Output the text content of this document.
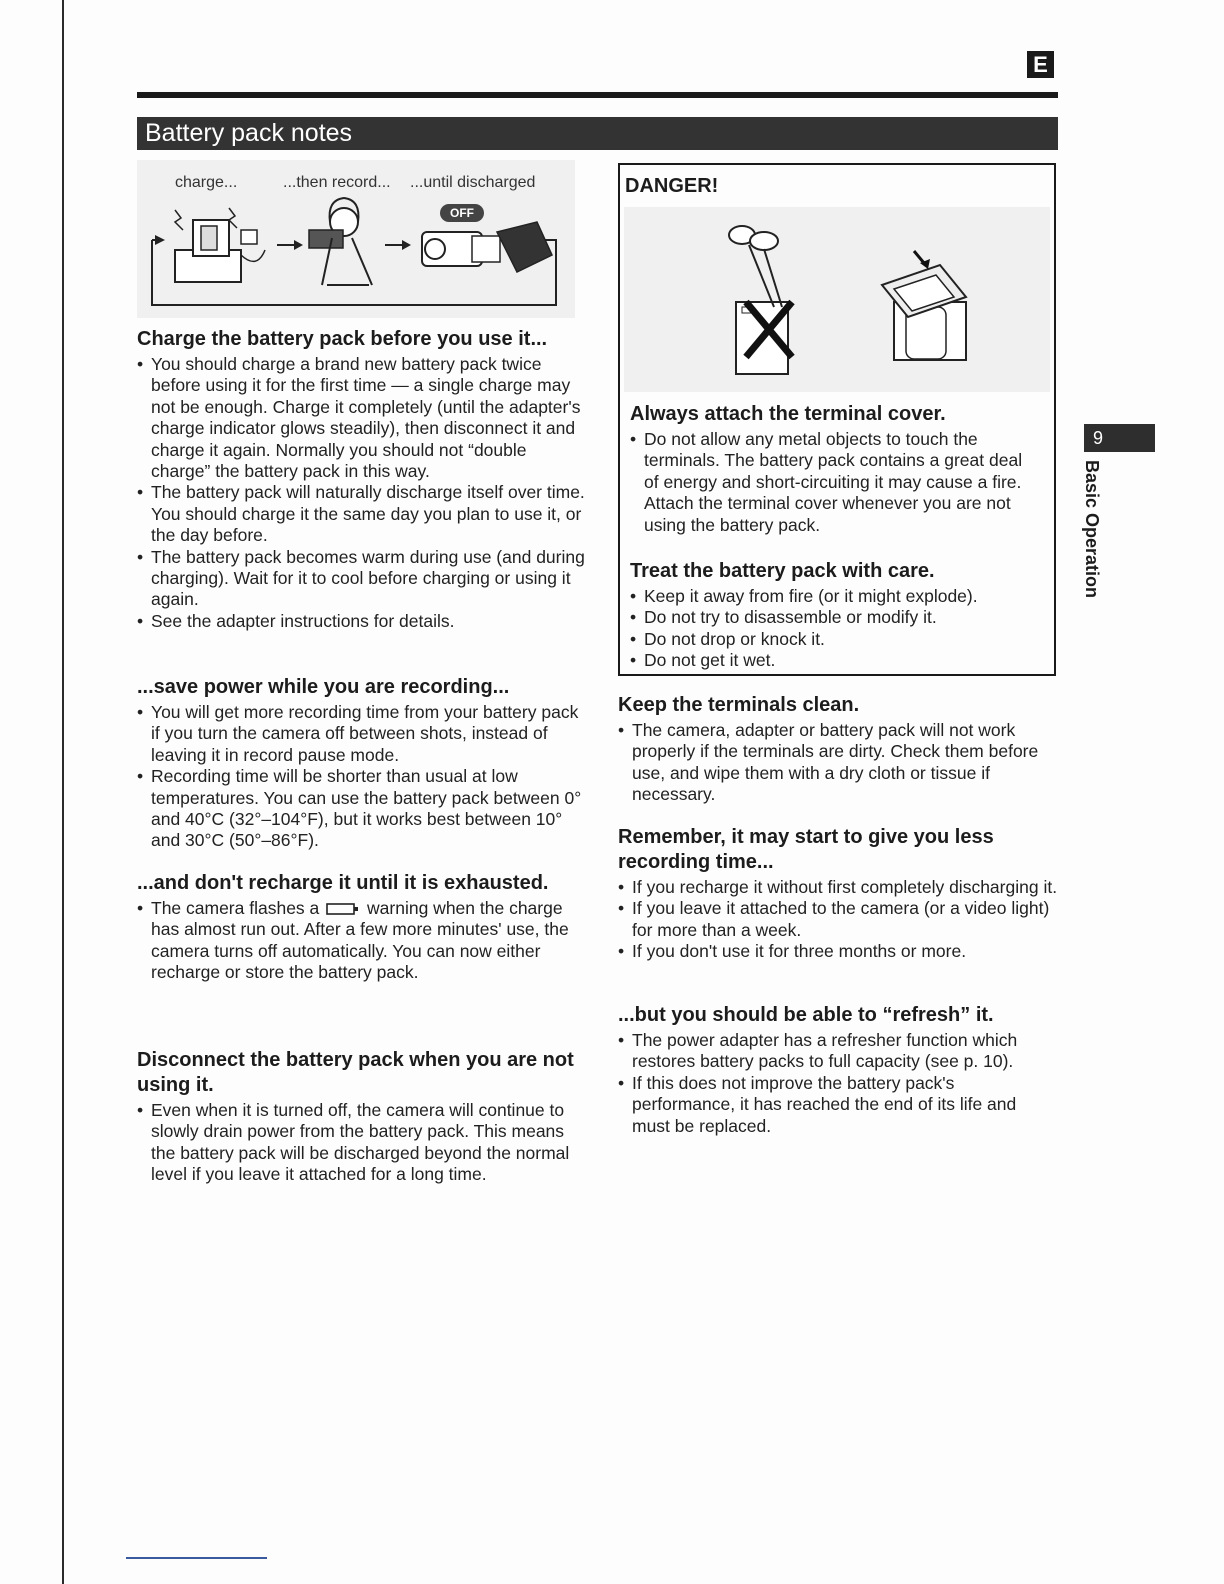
E
Battery pack notes
charge...	...then record... ...until discharged
OFF
Charge the battery pack before you use it...
• You should charge a brand new battery pack twice before using it for the first time — a single charge may not be enough. Charge it completely (until the adapter's charge indicator glows steadily), then disconnect it and charge it again. Normally you should not “double charge” the battery pack in this way.
• The battery pack will naturally discharge itself over time. You should charge it the same day you plan to use it, or the day before.
• The battery pack becomes warm during use (and during charging). Wait for it to cool before charging or using it again.
• See the adapter instructions for details.
...save power while you are recording...
• You will get more recording time from your battery pack if you turn the camera off between shots, instead of leaving it in record pause mode.
• Recording time will be shorter than usual at low temperatures. You can use the battery pack between 0° and 40°C (32°–104°F), but it works best between 10° and 30°C (50°–86°F).
...and don't recharge it until it is exhausted.
• The camera flashes a	warning when the charge has almost run out. After a few more minutes' use, the camera turns off automatically. You can now either recharge or store the battery pack.
Disconnect the battery pack when you are not using it.
• Even when it is turned off, the camera will continue to slowly drain power from the battery pack. This means the battery pack will be discharged beyond the normal level if you leave it attached for a long time.
DANGER!
Always attach the terminal cover.
• Do not allow any metal objects to touch the terminals. The battery pack contains a great deal of energy and short-circuiting it may cause a fire. Attach the terminal cover whenever you are not using the battery pack.
Treat the battery pack with care.
• Keep it away from fire (or it might explode).
• Do not try to disassemble or modify it.
• Do not drop or knock it.
• Do not get it wet.
Keep the terminals clean.
• The camera, adapter or battery pack will not work properly if the terminals are dirty. Check them before use, and wipe them with a dry cloth or tissue if necessary.
Remember, it may start to give you less recording time...
• If you recharge it without first completely discharging it.
• If you leave it attached to the camera (or a video light) for more than a week.
• If you don't use it for three months or more.
...but you should be able to “refresh” it.
• The power adapter has a refresher function which restores battery packs to full capacity (see p. 10).
• If this does not improve the battery pack's performance, it has reached the end of its life and must be replaced.
9
Basic Operation
